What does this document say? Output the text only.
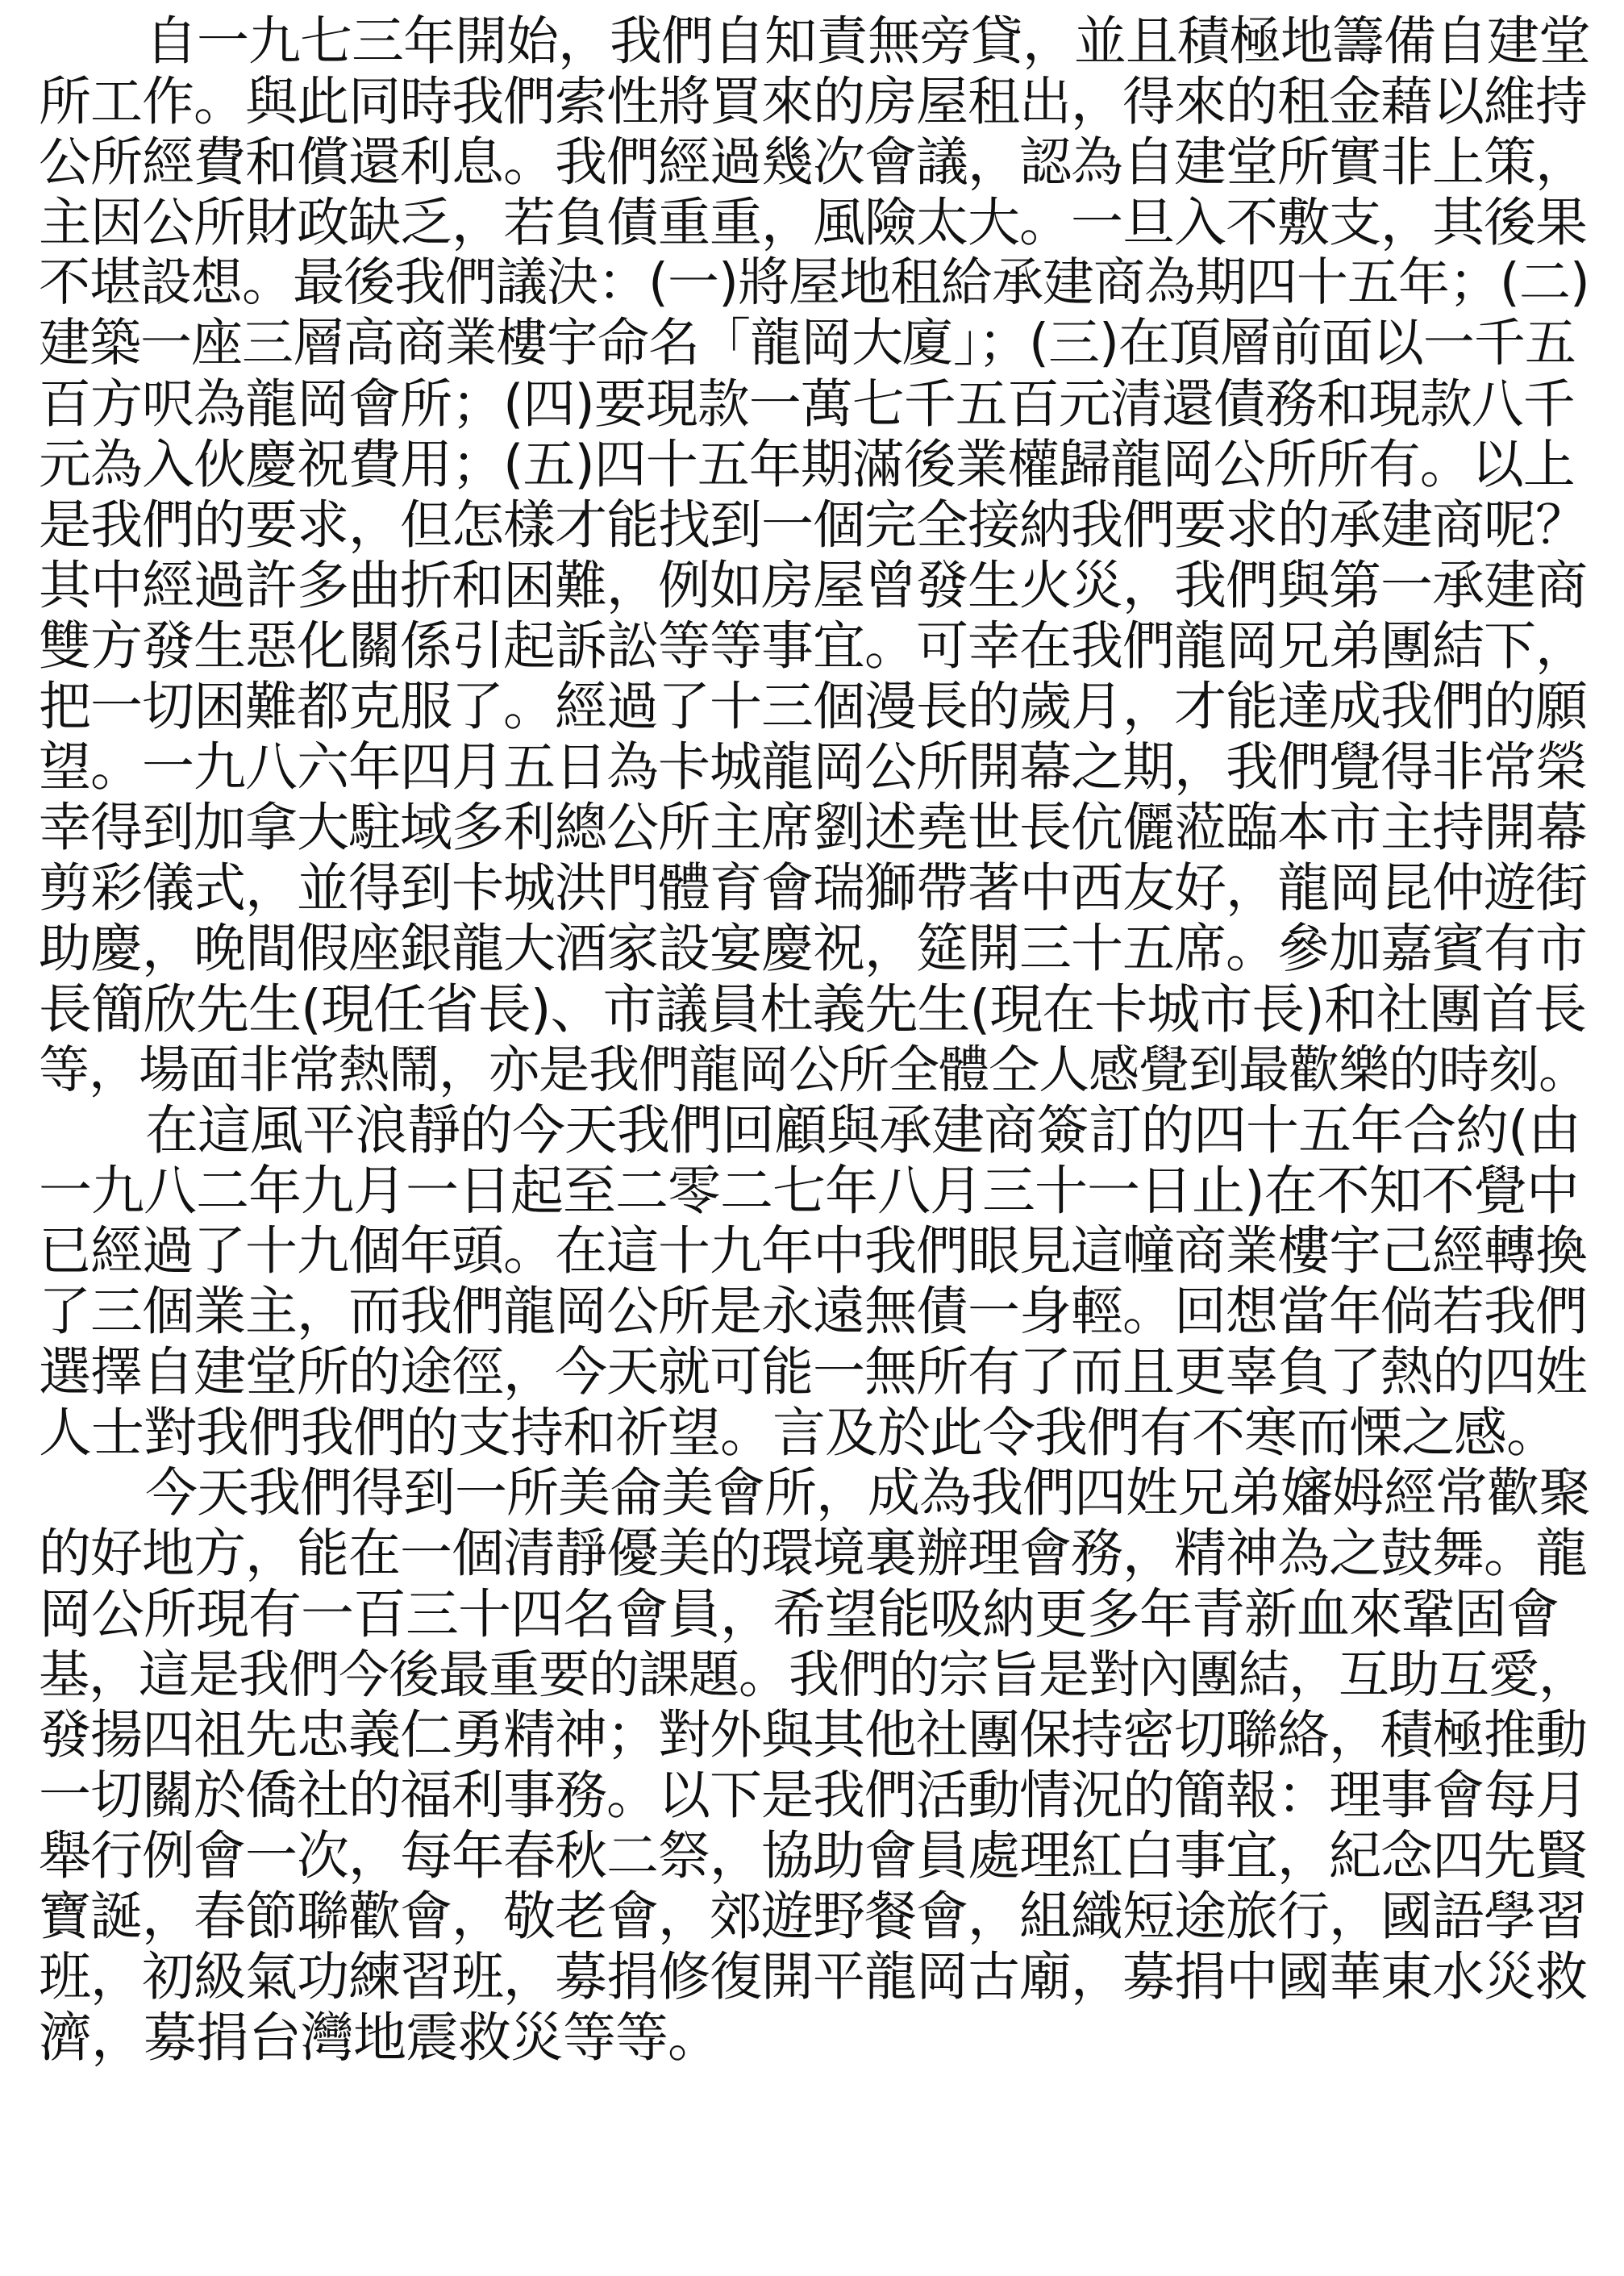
自一九七三年開始，我們自知責無旁貸，並且積極地籌備自建堂
所工作。與此同時我們索性將買來的房屋租出，得來的租金藉以維持
公所經費和償還利息。我們經過幾次會議，認為自建堂所實非上策，
主因公所財政缺乏，若負債重重，風險太大。一旦入不敷支，其後果
不堪設想。最後我們議決：(一)將屋地租給承建商為期四十五年；(二)
建築一座三層高商業樓宇命名「龍岡大廈」；(三)在頂層前面以一千五
百方呎為龍岡會所；(四)要現款一萬七千五百元清還債務和現款八千
元為入伙慶祝費用；(五)四十五年期滿後業權歸龍岡公所所有。以上
是我們的要求，但怎樣才能找到一個完全接納我們要求的承建商呢？
其中經過許多曲折和困難，例如房屋曾發生火災，我們與第一承建商
雙方發生惡化關係引起訴訟等等事宜。可幸在我們龍岡兄弟團結下，
把一切困難都克服了。經過了十三個漫長的歲月，才能達成我們的願
望。一九八六年四月五日為卡城龍岡公所開幕之期，我們覺得非常榮
幸得到加拿大駐域多利總公所主席劉述堯世長伉儷蒞臨本市主持開幕
剪彩儀式，並得到卡城洪門體育會瑞獅帶著中西友好，龍岡昆仲遊街
助慶，晚間假座銀龍大酒家設宴慶祝，筵開三十五席。參加嘉賓有市
長簡欣先生(現任省長)、市議員杜義先生(現在卡城市長)和社團首長
等，場面非常熱鬧，亦是我們龍岡公所全體仝人感覺到最歡樂的時刻。
在這風平浪靜的今天我們回顧與承建商簽訂的四十五年合約(由
一九八二年九月一日起至二零二七年八月三十一日止)在不知不覺中
已經過了十九個年頭。在這十九年中我們眼見這幢商業樓宇己經轉換
了三個業主，而我們龍岡公所是永遠無債一身輕。回想當年倘若我們
選擇自建堂所的途徑，今天就可能一無所有了而且更辜負了熱的四姓
人士對我們我們的支持和祈望。言及於此令我們有不寒而慄之感。
今天我們得到一所美侖美會所，成為我們四姓兄弟嬸姆經常歡聚
的好地方，能在一個清靜優美的環境裏辦理會務，精神為之鼓舞。龍
岡公所現有一百三十四名會員，希望能吸納更多年青新血來鞏固會
基，這是我們今後最重要的課題。我們的宗旨是對內團結，互助互愛，
發揚四祖先忠義仁勇精神；對外與其他社團保持密切聯絡，積極推動
一切關於僑社的福利事務。以下是我們活動情況的簡報：理事會每月
舉行例會一次，每年春秋二祭，協助會員處理紅白事宜，紀念四先賢
寶誕，春節聯歡會，敬老會，郊遊野餐會，組織短途旅行，國語學習
班，初級氣功練習班，募捐修復開平龍岡古廟，募捐中國華東水災救
濟，募捐台灣地震救災等等。
